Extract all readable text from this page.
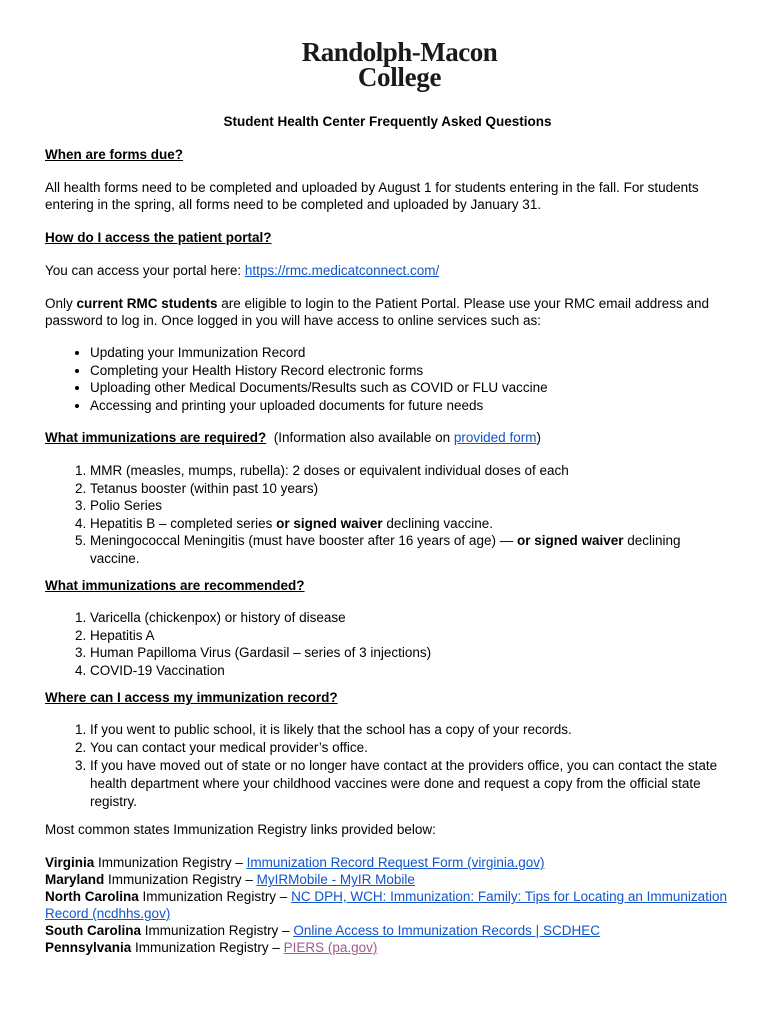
Randolph-Macon
College
Student Health Center Frequently Asked Questions

When are forms due?

All health forms need to be completed and uploaded by August 1 for students entering in the fall. For students entering in the spring, all forms need to be completed and uploaded by January 31.

How do I access the patient portal?

You can access your portal here: https://rmc.medicatconnect.com/

Only current RMC students are eligible to login to the Patient Portal. Please use your RMC email address and password to log in. Once logged in you will have access to online services such as:

• Updating your Immunization Record
• Completing your Health History Record electronic forms
• Uploading other Medical Documents/Results such as COVID or FLU vaccine
• Accessing and printing your uploaded documents for future needs

What immunizations are required? (Information also available on provided form)

1. MMR (measles, mumps, rubella): 2 doses or equivalent individual doses of each
2. Tetanus booster (within past 10 years)
3. Polio Series
4. Hepatitis B – completed series or signed waiver declining vaccine.
5. Meningococcal Meningitis (must have booster after 16 years of age) — or signed waiver declining vaccine.

What immunizations are recommended?

1. Varicella (chickenpox) or history of disease
2. Hepatitis A
3. Human Papilloma Virus (Gardasil – series of 3 injections)
4. COVID-19 Vaccination

Where can I access my immunization record?

1. If you went to public school, it is likely that the school has a copy of your records.
2. You can contact your medical provider’s office.
3. If you have moved out of state or no longer have contact at the providers office, you can contact the state health department where your childhood vaccines were done and request a copy from the official state registry.

Most common states Immunization Registry links provided below:

Virginia Immunization Registry – Immunization Record Request Form (virginia.gov)

Maryland Immunization Registry – MyIRMobile - MyIR Mobile

North Carolina Immunization Registry – NC DPH, WCH: Immunization: Family: Tips for Locating an Immunization Record (ncdhhs.gov)

South Carolina Immunization Registry – Online Access to Immunization Records | SCDHEC

Pennsylvania Immunization Registry – PIERS (pa.gov)
